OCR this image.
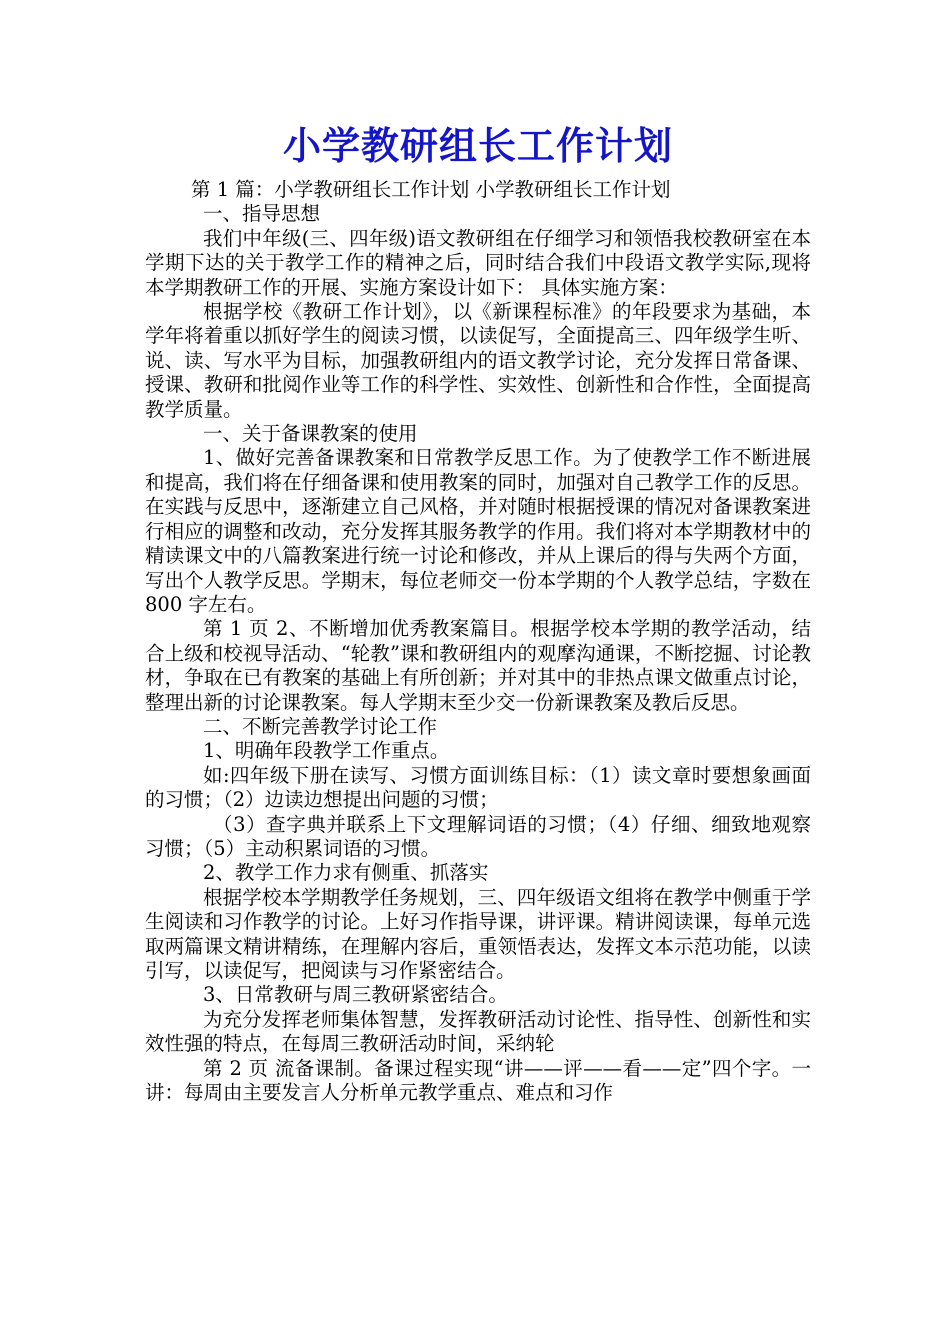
小学教研组长工作计划

第 1 篇：小学教研组长工作计划 小学教研组长工作计划

一、指导思想

我们中年级(三、四年级)语文教研组在仔细学习和领悟我校教研室在本学期下达的关于教学工作的精神之后，同时结合我们中段语文教学实际,现将本学期教研工作的开展、实施方案设计如下： 具体实施方案：

根据学校《教研工作计划》，以《新课程标准》的年段要求为基础，本学年将着重以抓好学生的阅读习惯，以读促写，全面提高三、四年级学生听、说、读、写水平为目标，加强教研组内的语文教学讨论，充分发挥日常备课、授课、教研和批阅作业等工作的科学性、实效性、创新性和合作性，全面提高教学质量。

一、关于备课教案的使用

1、做好完善备课教案和日常教学反思工作。为了使教学工作不断进展和提高，我们将在仔细备课和使用教案的同时，加强对自己教学工作的反思。在实践与反思中，逐渐建立自己风格，并对随时根据授课的情况对备课教案进行相应的调整和改动，充分发挥其服务教学的作用。我们将对本学期教材中的精读课文中的八篇教案进行统一讨论和修改，并从上课后的得与失两个方面，写出个人教学反思。学期末，每位老师交一份本学期的个人教学总结，字数在 800 字左右。

第 1 页 2、不断增加优秀教案篇目。根据学校本学期的教学活动，结合上级和校视导活动、“轮教”课和教研组内的观摩沟通课，不断挖掘、讨论教材，争取在已有教案的基础上有所创新；并对其中的非热点课文做重点讨论，整理出新的讨论课教案。每人学期末至少交一份新课教案及教后反思。

二、不断完善教学讨论工作

1、明确年段教学工作重点。

如:四年级下册在读写、习惯方面训练目标：（1）读文章时要想象画面的习惯；（2）边读边想提出问题的习惯；

（3）查字典并联系上下文理解词语的习惯；（4）仔细、细致地观察习惯；（5）主动积累词语的习惯。

2、教学工作力求有侧重、抓落实

根据学校本学期教学任务规划，三、四年级语文组将在教学中侧重于学生阅读和习作教学的讨论。上好习作指导课，讲评课。精讲阅读课，每单元选取两篇课文精讲精练，在理解内容后，重领悟表达，发挥文本示范功能，以读引写，以读促写，把阅读与习作紧密结合。

3、日常教研与周三教研紧密结合。

为充分发挥老师集体智慧，发挥教研活动讨论性、指导性、创新性和实效性强的特点，在每周三教研活动时间，采纳轮

第 2 页 流备课制。备课过程实现“讲——评——看——定”四个字。一讲：每周由主要发言人分析单元教学重点、难点和习作
